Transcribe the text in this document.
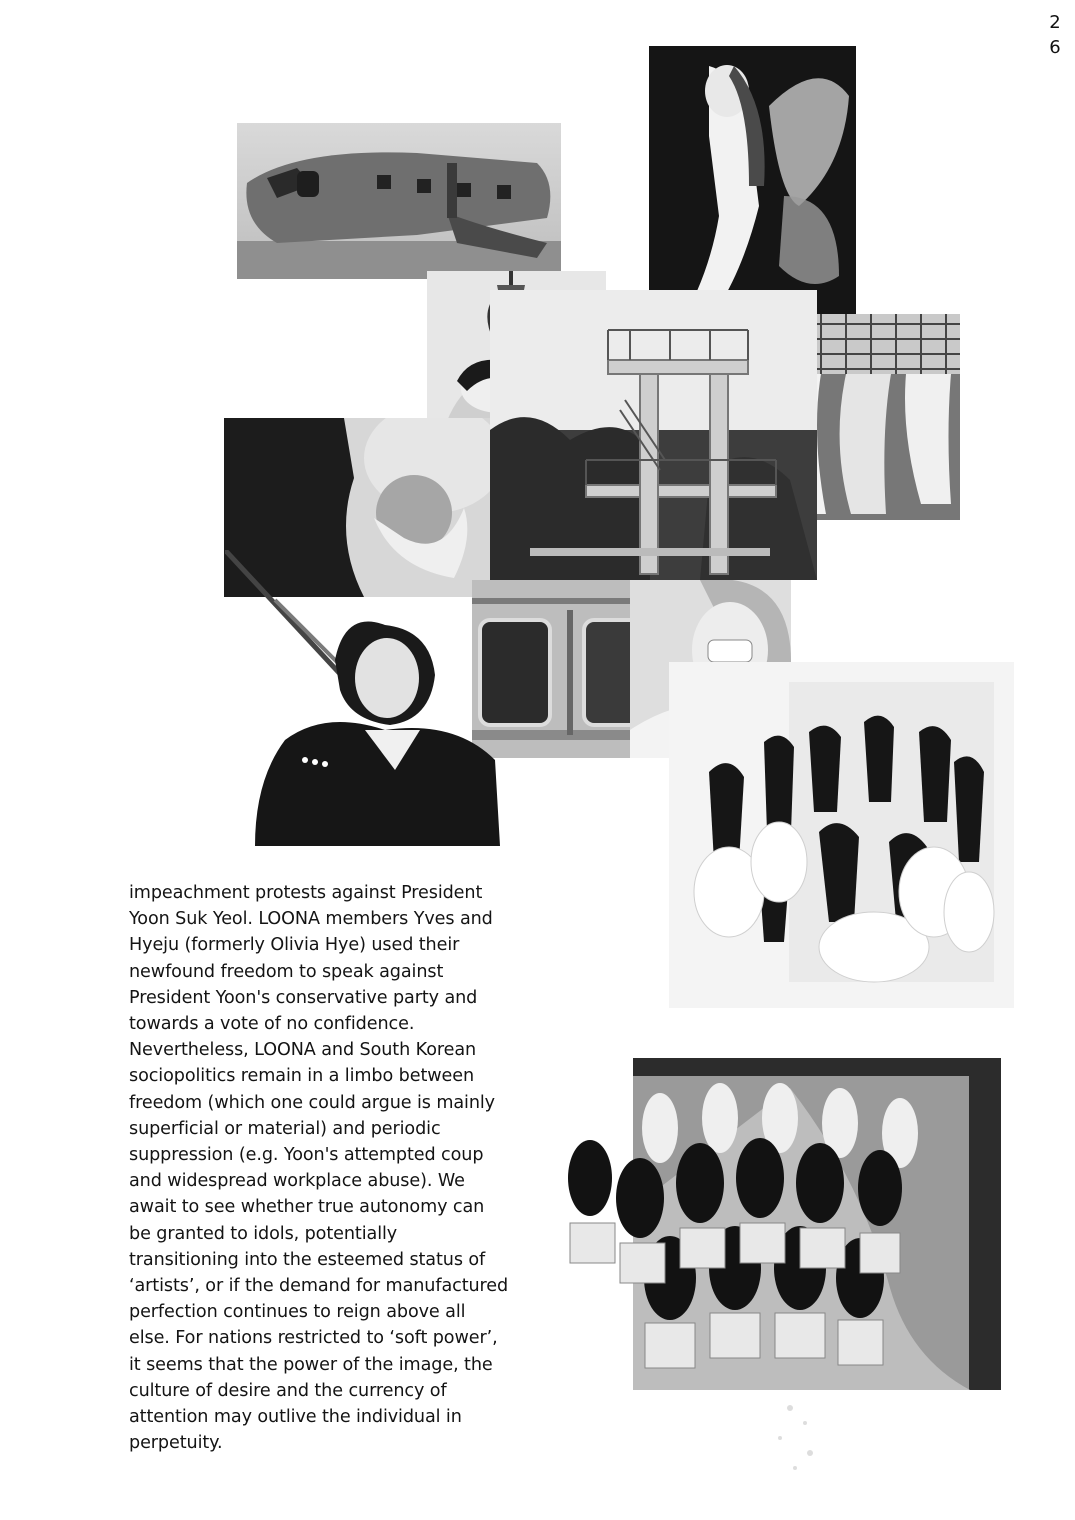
2
6

impeachment protests against President
Yoon Suk Yeol. LOONA members Yves and
Hyeju (formerly Olivia Hye) used their
newfound freedom to speak against
President Yoon's conservative party and
towards a vote of no confidence.
Nevertheless, LOONA and South Korean
sociopolitics remain in a limbo between
freedom (which one could argue is mainly
superficial or material) and periodic
suppression (e.g. Yoon's attempted coup
and widespread workplace abuse). We
await to see whether true autonomy can
be granted to idols, potentially
transitioning into the esteemed status of
‘artists’, or if the demand for manufactured
perfection continues to reign above all
else. For nations restricted to ‘soft power’,
it seems that the power of the image, the
culture of desire and the currency of
attention may outlive the individual in
perpetuity.
